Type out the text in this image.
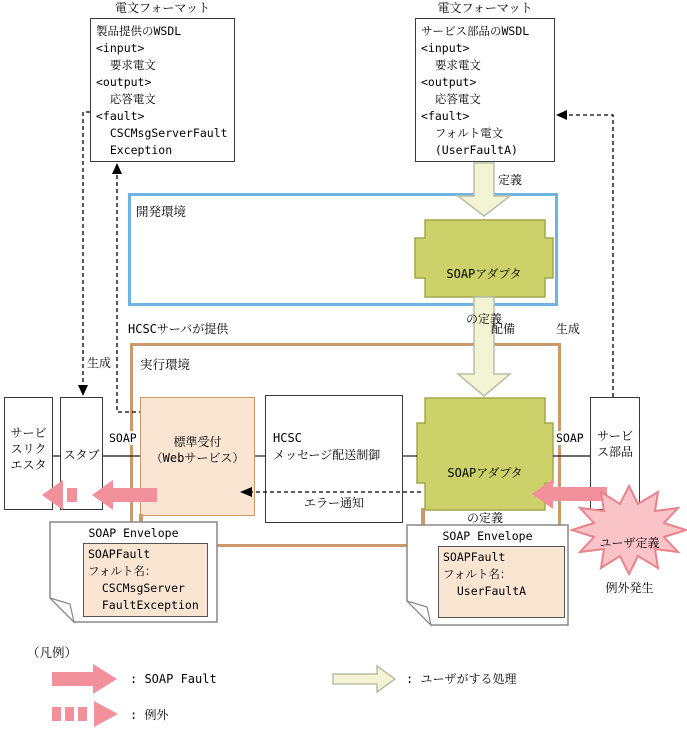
製品提供のWSDL
<input>
要求電文
<output>
応答電文
<fault>
CSCMsgServerFault
Exception
電文フォーマット
サービス部品のWSDL
<input>
要求電文
<output>
応答電文
<fault>
フォルト電文
(UserFaultA)
電文フォーマット
サービ
スリク
エスタ
スタブ
標準受付
（Webサービス）
HCSC
メッセージ配送制御
サービ
ス部品
開発環境
実行環境
HCSCサーバが提供
定義
配備
生成
生成
SOAP	SOAP
エラー通知

SOAPアダプタ

の定義

SOAPアダプタ

の定義

ユーザ定義

例外発生

SOAP Envelope
SOAPFault
フォルト名：
CSCMsgServer
FaultException
SOAP Envelope
SOAPFault
フォルト名：
UserFaultA
（凡例）
: SOAP Fault
: 例外
: ユーザがする処理
